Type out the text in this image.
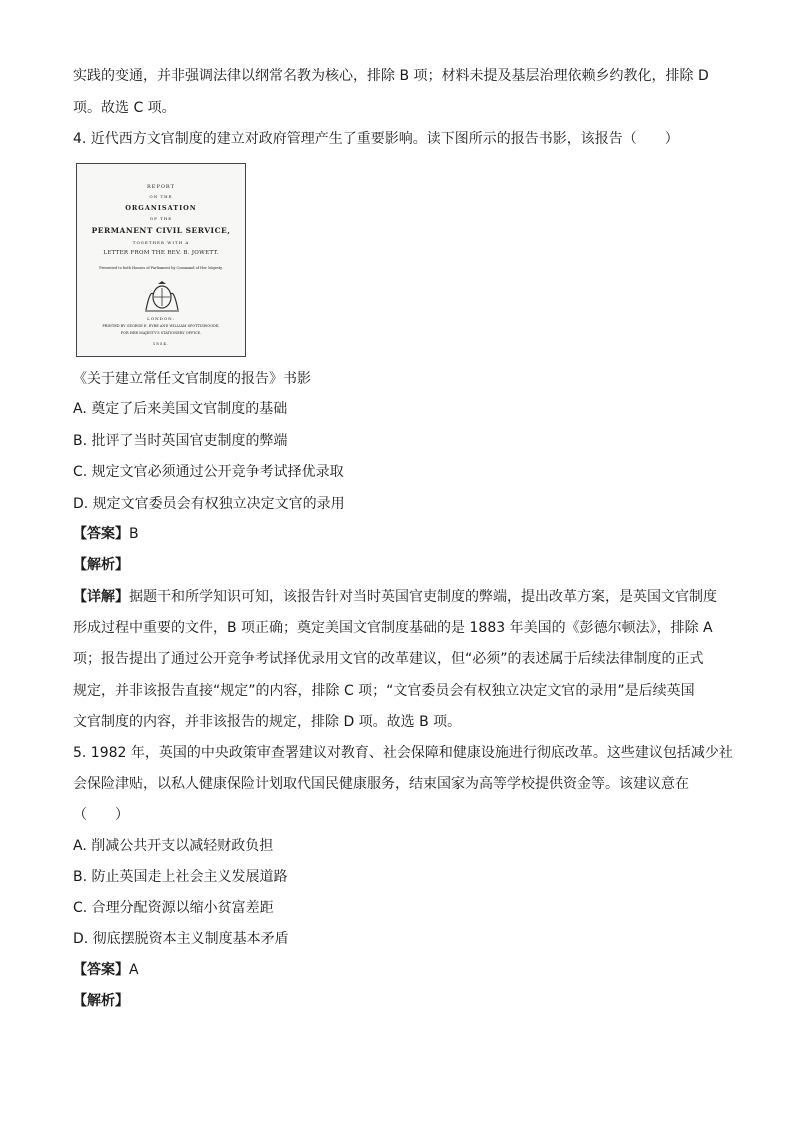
实践的变通，并非强调法律以纲常名教为核心，排除 B 项；材料未提及基层治理依赖乡约教化，排除 D
项。故选 C 项。
4. 近代西方文官制度的建立对政府管理产生了重要影响。读下图所示的报告书影，该报告（　　）
REPORT
ON THE
ORGANISATION
OF THE
PERMANENT CIVIL SERVICE,
TOGETHER WITH A
LETTER FROM THE REV. B. JOWETT.
Presented to both Houses of Parliament by Command of Her Majesty.
LONDON:
PRINTED BY GEORGE E. EYRE AND WILLIAM SPOTTISWOODE,
FOR HER MAJESTY'S STATIONERY OFFICE.
1854.
《关于建立常任文官制度的报告》书影
A. 奠定了后来美国文官制度的基础
B. 批评了当时英国官吏制度的弊端
C. 规定文官必须通过公开竞争考试择优录取
D. 规定文官委员会有权独立决定文官的录用
【答案】B
【解析】
【详解】据题干和所学知识可知，该报告针对当时英国官吏制度的弊端，提出改革方案，是英国文官制度
形成过程中重要的文件，B 项正确；奠定美国文官制度基础的是 1883 年美国的《彭德尔顿法》，排除 A
项；报告提出了通过公开竞争考试择优录用文官的改革建议，但“必须”的表述属于后续法律制度的正式
规定，并非该报告直接“规定”的内容，排除 C 项；“文官委员会有权独立决定文官的录用”是后续英国
文官制度的内容，并非该报告的规定，排除 D 项。故选 B 项。
5. 1982 年，英国的中央政策审查署建议对教育、社会保障和健康设施进行彻底改革。这些建议包括减少社
会保险津贴，以私人健康保险计划取代国民健康服务，结束国家为高等学校提供资金等。该建议意在
（　　）
A. 削减公共开支以减轻财政负担
B. 防止英国走上社会主义发展道路
C. 合理分配资源以缩小贫富差距
D. 彻底摆脱资本主义制度基本矛盾
【答案】A
【解析】
